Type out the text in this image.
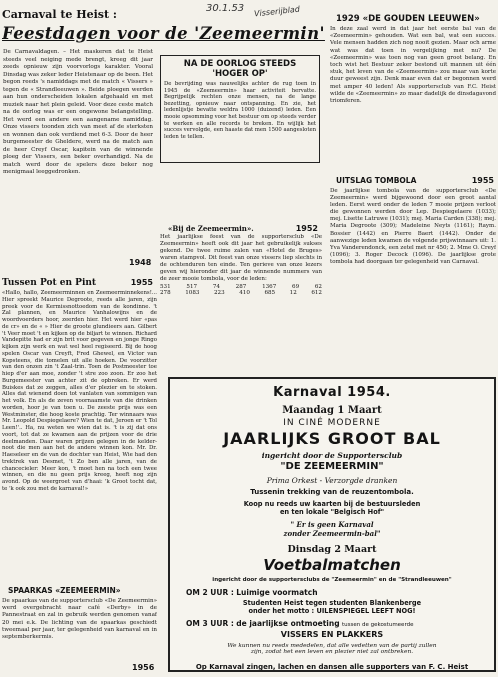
30.1.53 Visserijblad
Carnaval te Heist :
Feestdagen voor de 'Zeemeermin'

De Carnavaldagen. – Het maskeren dat te Heist steeds veel neiging mede brengt, kreeg dit jaar zeeds opnieuw zijn voorvorlogs karakter. Vooral Dinsdag was zeker leder Heistenaar op de been. Het begon reeds 's namiddags met de match « Vissers » tegen de « Strandleeuwen ». Beide ploegen werden aan hun onderscheiden lokalen afgehaald en met muziek naar het plein geleid. Voor deze ceste match na de oorlog was er een ongewone belangstelling. Het werd een andere een aangename namiddag. Onze vissers toonden zich van meet af de sterksten en wonnen dan ook verdiend met 6-3. Door de heer burgemeester de Gheldere, werd na de match aan de heer Creyf Oscar, kapitein van de winnende ploeg der Vissers, een beker overhandigd. Na de match werd door de spelers deze beker nog menigmaal leeggedronken.

1948
NA DE OORLOG STEEDS 'HOGER OP'

De bevrijding was nauwelijks achter de rug toen in 1945 de «Zeemeermin» haar activiteit hervatte. Begrijpelijk rechten onze mensen, na de lange bezetting, opnieuw naar ontspanning. En zie, het ledenlijstje bevatte weldra 1000 (duizend) leden. Een mooie opsomming voor het bestuur om op steeds verder te werken en alle records te breken. En wijlijk het succes vervolgde, een haaste dat men 1500 aangesloten leden te tellen.

1929 «DE GOUDEN LEEUWEN»

In deze zaal werd in dat jaar het eerste bal van de «Zeemeermin» gehouden. Wat een bal, wat een succes. Vele mensen hadden zich nog nooit gezien. Maar och arme wat was dat toen in vergelijking met nu? De «Zeemeermin» was toen nog van geen groot belang. En toch wist het Bestuur zeker bestond uit mannen uit één stuk, het leven van de «Zeemeermin» zou maar van korte duur geweest zijn. Denk maar even dat er begonnen werd met amper 40 leden! Als supportersclub van F.C. Heist wilde de «Zeemeermin» zo maar dadelijk de dinsdagavond triomferen.

UITSLAG TOMBOLA	1955

De jaarlijkse tombola van de supportersclub «De Zeemeermin» werd bijgewoond door een groot aantal leden. Eerst werd onder de leden 7 mooie prijzen verloot die gewonnen werden door Lep. Despiegelaere (1033); mej. Lisette Latruwe (1031); mej. Maria Carden (338); mej. Maria Degroote (309); Madeleine Neyts (1161); Raym. Bossier (1442) en Pierre Baert (1442). Onder de aanwezige leden kwamen de volgende prijswinnaars uit: 1. Yva Vanderendonck, een zetel met nr 450; 2. Mme O. Creyf (1096); 3. Roger Decock (1096). De jaarlijkse grote tombola had doorgaan ter gelegenheid van Carnaval.

«Bij de Zeemeermin».	1952

Het jaarlijkse feest van de supportersclub «De Zeemeermin» heeft ook dit jaar het gebruikelijk sukses gekend. De twee ruime zalen van «Hotel de Bruges» waren stampvol. Dit feest van onze vissers liep slechts in de ochtenduren ten einde. Ten gerieve van onze lezers geven wij hieronder dit jaar de winnende nummers van de zeer mooie tombola, voor de leden:

531	517	74	287	1367	69	62
278	1083	223	410	685	12	612
Tussen Pot en Pint	1955

«Hallo, hallo, Zeemeerminnen en Zeemeerminnekens!... Hier spreekt Maurice Degroote, reeds alle jaren, zijn preek voor de Kermissnottoedom van de kondinne. 't Zal plannen, en Maurice Vanhalowijns en de woordvoerders hoor, zeerden hier. Het werd hier «pas de cr» en de « » Hier de groote glundieers aan. Gilbert 't Veer moet 't en kijken op de biljart te winnen. Richard Vandepitte had er zijn brit voor gegeven en jonge Ringo kijken zijn werk en wat wel heel regiseerd. Bij de hoog spelen Oscar van Creyft, Fred Ghewel, en Victor van Kopsteens, die tomelen uit alle hoeken. De voorzitter van den onzen zin 't Zaal-trin. Toen de Postmeester toe hiep d'er aan moe, zonder 't stre zoo zoon. Er zoo het Burgemeester van achter zit de opbreken. Er werd Buiskes dat ze zeggen, alles d'er plezier en te stoken. Alles dat wienend doen tot vanlaten van sommigen van het volk. En als de zeven voornaamste van die drinken worden, hoor je van toen u. De zeeste prijs was een Westminster, die hoog koste prachtig. Ter winnaars was Mr. Leopold Despiegelaere? Wien te dat, Jeroen er 't Tol Leen!'.. Ha, nu weten we wien dat is. 't is zij dat ons voort, tot dat ze kwamen aan de prijzen voor de drie deelmanden. Daar waren prijzen gelegen in de kelder-noot die men aan het de andere winnen kon. Mr. Dr. Haeseleer en de van de dochter van Heist, Wie had den trektrek van Desmet, 't Zo ben alle jaren, van de chancecieler: Meer kon, 't moet hen na toch een twee winnen, en die nu geen prijs kreeg, heeft nog zijn avond. Op de weergroet van d'haai: 'k Groot tocht dat, te 'k ook zou met de karnaval!»

SPAARKAS «ZEEMEERMIN»

De spaarkas van de supportersclub «De Zeemeermin» werd overgebracht naar café «Derby» in de Pannestraat en zal in gebruik werden genomen vanaf 20 mei e.k. De lichting van de spaarkas geschiedt tweemaal per jaar, ter gelegenheid van karnaval en in septemberkermis.

1956
Karnaval 1954.
Maandag 1 Maart
IN CINÉ MODERNE
JAARLIJKS GROOT BAL
ingericht door de Supportersclub
"DE ZEEMEERMIN"
Prima Orkest - Verzorgde dranken
Tussenin trekking van de reuzentombola.
Koop nu reeds uw kaarten bij de bestuursleden
en ten lokale "Belgisch Hof"
" Er is geen Karnaval
zonder Zeemeermin-bal"
Dinsdag 2 Maart
Voetbalmatchen
ingericht door de supportersclubs de "Zeemeermin" en de "Strandleeuwen"
OM 2 UUR : Luimige voormatch
Studenten Heist tegen studenten Blankenberge
onder het motto : UILENSPIEGEL LEEFT NOG!
OM 3 UUR : de jaarlijkse ontmoeting tussen de gekostumeerde
VISSERS EN PLAKKERS
We kunnen nu reeds mededelen, dat alle vedetten van de partij zullen
zijn, zodat het een leven en plezier niet zal ontbreken.
Op Karnaval zingen, lachen en dansen alle supporters van F. C. Heist
